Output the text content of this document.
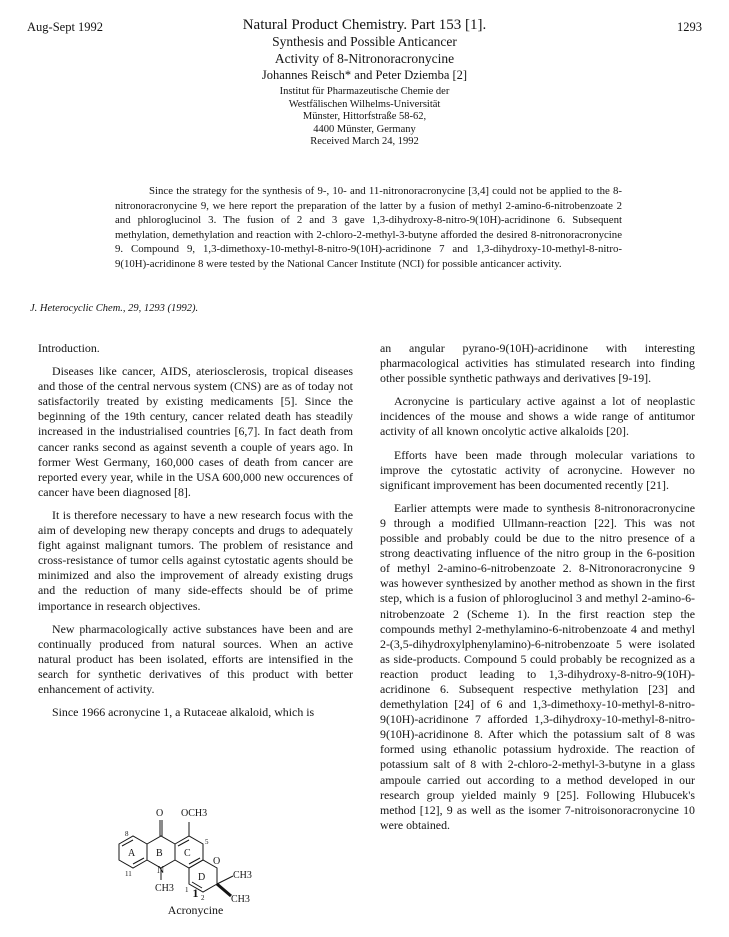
Aug-Sept 1992	1293
Natural Product Chemistry. Part 153 [1].
Synthesis and Possible Anticancer
Activity of 8-Nitronoracronycine
Johannes Reisch* and Peter Dziemba [2]
Institut für Pharmazeutische Chemie der
Westfälischen Wilhelms-Universität
Münster, Hittorfstraße 58-62,
4400 Münster, Germany
Received March 24, 1992
Since the strategy for the synthesis of 9-, 10- and 11-nitronoracronycine [3,4] could not be applied to the 8-nitronoracronycine 9, we here report the preparation of the latter by a fusion of methyl 2-amino-6-nitrobenzoate 2 and phloroglucinol 3. The fusion of 2 and 3 gave 1,3-dihydroxy-8-nitro-9(10H)-acridinone 6. Subsequent methylation, demethylation and reaction with 2-chloro-2-methyl-3-butyne afforded the desired 8-nitronoracronycine 9. Compound 9, 1,3-dimethoxy-10-methyl-8-nitro-9(10H)-acridinone 7 and 1,3-dihydroxy-10-methyl-8-nitro-9(10H)-acridinone 8 were tested by the National Cancer Institute (NCI) for possible anticancer activity.
J. Heterocyclic Chem., 29, 1293 (1992).

Introduction.

Diseases like cancer, AIDS, ateriosclerosis, tropical diseases and those of the central nervous system (CNS) are as of today not satisfactorily treated by existing medicaments [5]. Since the beginning of the 19th century, cancer related death has steadily increased in the industrialised countries [6,7]. In fact death from cancer ranks second as against seventh a couple of years ago. In former West Germany, 160,000 cases of death from cancer are reported every year, while in the USA 600,000 new occurences of cancer have been diagnosed [8].

It is therefore necessary to have a new research focus with the aim of developing new therapy concepts and drugs to adequately fight against malignant tumors. The problem of resistance and cross-resistance of tumor cells against cytostatic agents should be minimized and also the improvement of already existing drugs and the reduction of many side-effects should be of prime importance in research objectives.

New pharmacologically active substances have been and are continually produced from natural sources. When an active natural product has been isolated, efforts are intensified in the search for synthetic derivatives of this product with better enhancement of activity.

Since 1966 acronycine 1, a Rutaceae alkaloid, which is

O OCH3
A B C
D
N
CH3
O
CH3
CH3
8
11
5
1
2
1
Acronycine

an angular pyrano-9(10H)-acridinone with interesting pharmacological activities has stimulated research into finding other possible synthetic pathways and derivatives [9-19].

Acronycine is particulary active against a lot of neoplastic incidences of the mouse and shows a wide range of antitumor activity of all known oncolytic active alkaloids [20].

Efforts have been made through molecular variations to improve the cytostatic activity of acronycine. However no significant improvement has been documented recently [21].

Earlier attempts were made to synthesis 8-nitronoracronycine 9 through a modified Ullmann-reaction [22]. This was not possible and probably could be due to the nitro presence of a strong deactivating influence of the nitro group in the 6-position of methyl 2-amino-6-nitrobenzoate 2. 8-Nitronoracronycine 9 was however synthesized by another method as shown in the first step, which is a fusion of phloroglucinol 3 and methyl 2-amino-6-nitrobenzoate 2 (Scheme 1). In the first reaction step the compounds methyl 2-methylamino-6-nitrobenzoate 4 and methyl 2-(3,5-dihydroxylphenylamino)-6-nitrobenzoate 5 were isolated as side-products. Compound 5 could probably be recognized as a reaction product leading to 1,3-dihydroxy-8-nitro-9(10H)-acridinone 6. Subsequent respective methylation [23] and demethylation [24] of 6 and 1,3-dimethoxy-10-methyl-8-nitro-9(10H)-acridinone 7 afforded 1,3-dihydroxy-10-methyl-8-nitro-9(10H)-acridinone 8. After which the potassium salt of 8 was formed using ethanolic potassium hydroxide. The reaction of potassium salt of 8 with 2-chloro-2-methyl-3-butyne in a glass ampoule carried out according to a method developed in our research group yielded mainly 9 [25]. Following Hlubucek's method [12], 9 as well as the isomer 7-nitroisonoracronycine 10 were obtained.
